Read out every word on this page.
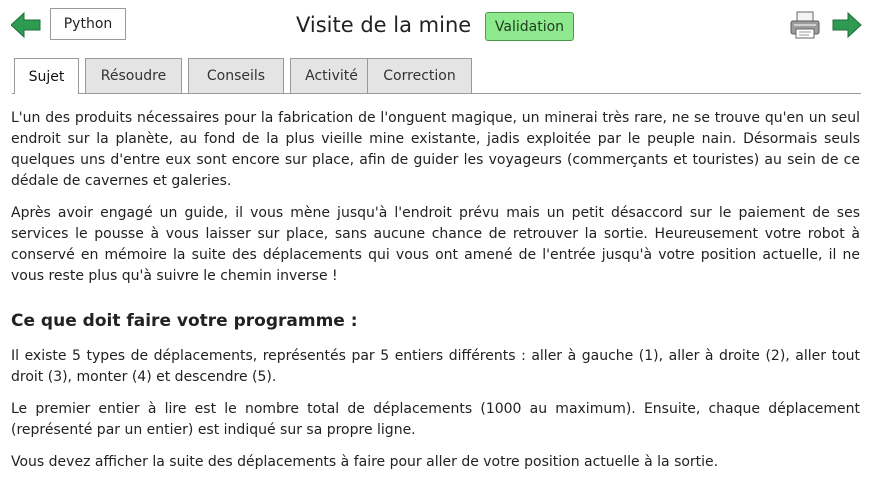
Python	Visite de la mine	Validation
Sujet	Résoudre	Conseils	Activité	Correction

L'un des produits nécessaires pour la fabrication de l'onguent magique, un minerai très rare, ne se trouve qu'en un seul endroit sur la planète, au fond de la plus vieille mine existante, jadis exploitée par le peuple nain. Désormais seuls quelques uns d'entre eux sont encore sur place, afin de guider les voyageurs (commerçants et touristes) au sein de ce dédale de cavernes et galeries.

Après avoir engagé un guide, il vous mène jusqu'à l'endroit prévu mais un petit désaccord sur le paiement de ses services le pousse à vous laisser sur place, sans aucune chance de retrouver la sortie. Heureusement votre robot à conservé en mémoire la suite des déplacements qui vous ont amené de l'entrée jusqu'à votre position actuelle, il ne vous reste plus qu'à suivre le chemin inverse !

Ce que doit faire votre programme :

Il existe 5 types de déplacements, représentés par 5 entiers différents : aller à gauche (1), aller à droite (2), aller tout droit (3), monter (4) et descendre (5).

Le premier entier à lire est le nombre total de déplacements (1000 au maximum). Ensuite, chaque déplacement (représenté par un entier) est indiqué sur sa propre ligne.

Vous devez afficher la suite des déplacements à faire pour aller de votre position actuelle à la sortie.
